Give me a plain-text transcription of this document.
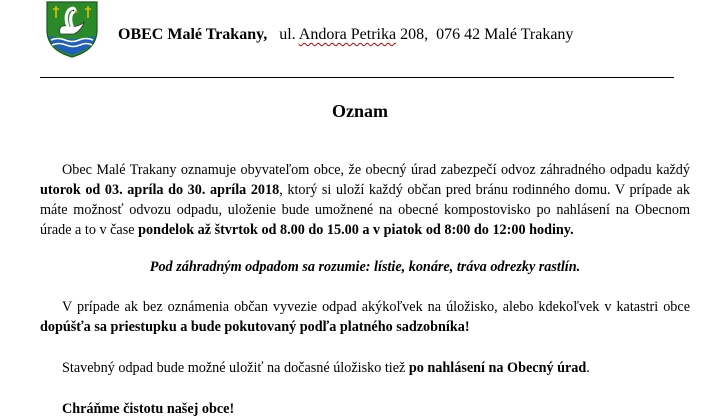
OBEC Malé Trakany, ul. Andora Petrika 208, 076 42 Malé Trakany
Oznam

Obec Malé Trakany oznamuje obyvateľom obce, že obecný úrad zabezpečí odvoz záhradného odpadu každý utorok od 03. apríla do 30. apríla 2018, ktorý si uloží každý občan pred bránu rodinného domu. V prípade ak máte možnosť odvozu odpadu, uloženie bude umožnené na obecné kompostovisko po nahlásení na Obecnom úrade a to v čase pondelok až štvrtok od 8.00 do 15.00 a v piatok od 8:00 do 12:00 hodiny.

Pod záhradným odpadom sa rozumie: lístie, konáre, tráva odrezky rastlín.

V prípade ak bez oznámenia občan vyvezie odpad akýkoľvek na úložisko, alebo kdekoľvek v katastri obce dopúšťa sa priestupku a bude pokutovaný podľa platného sadzobníka!

Stavebný odpad bude možné uložiť na dočasné úložisko tiež po nahlásení na Obecný úrad.

Chráňme čistotu našej obce!
